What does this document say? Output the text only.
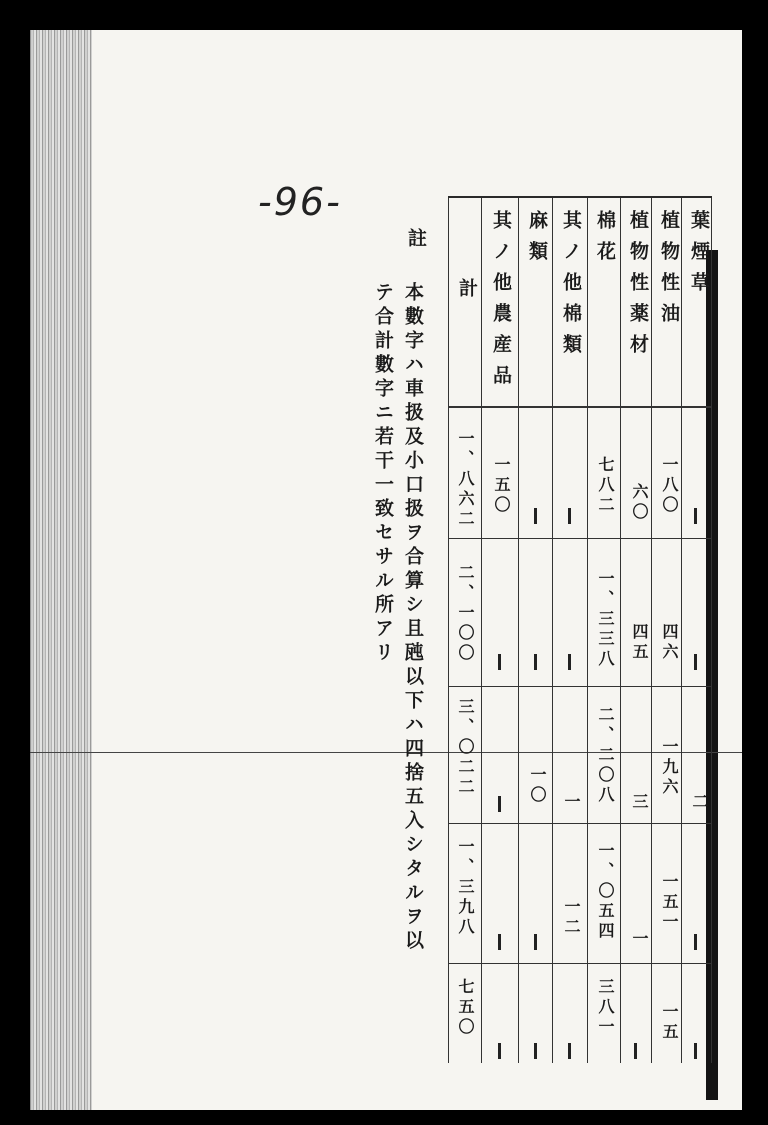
-96-
葉煙草
植物性油
植物性薬材
棉花
其ノ他棉類
麻類
其ノ他農産品
計
一八〇
六〇
七八二
一五〇
一、八六二
四六
四五
一、三三八
二、一〇〇
二
一九六
三
二、二〇八
一
一〇
三、〇二二
一五一
一
一、〇五四
一二
一、三九八
一五
三八一
七五〇
註
本數字ハ車扱及小口扱ヲ合算シ且瓲以下ハ四捨五入シタルヲ以
テ合計數字ニ若干一致セサル所アリ
